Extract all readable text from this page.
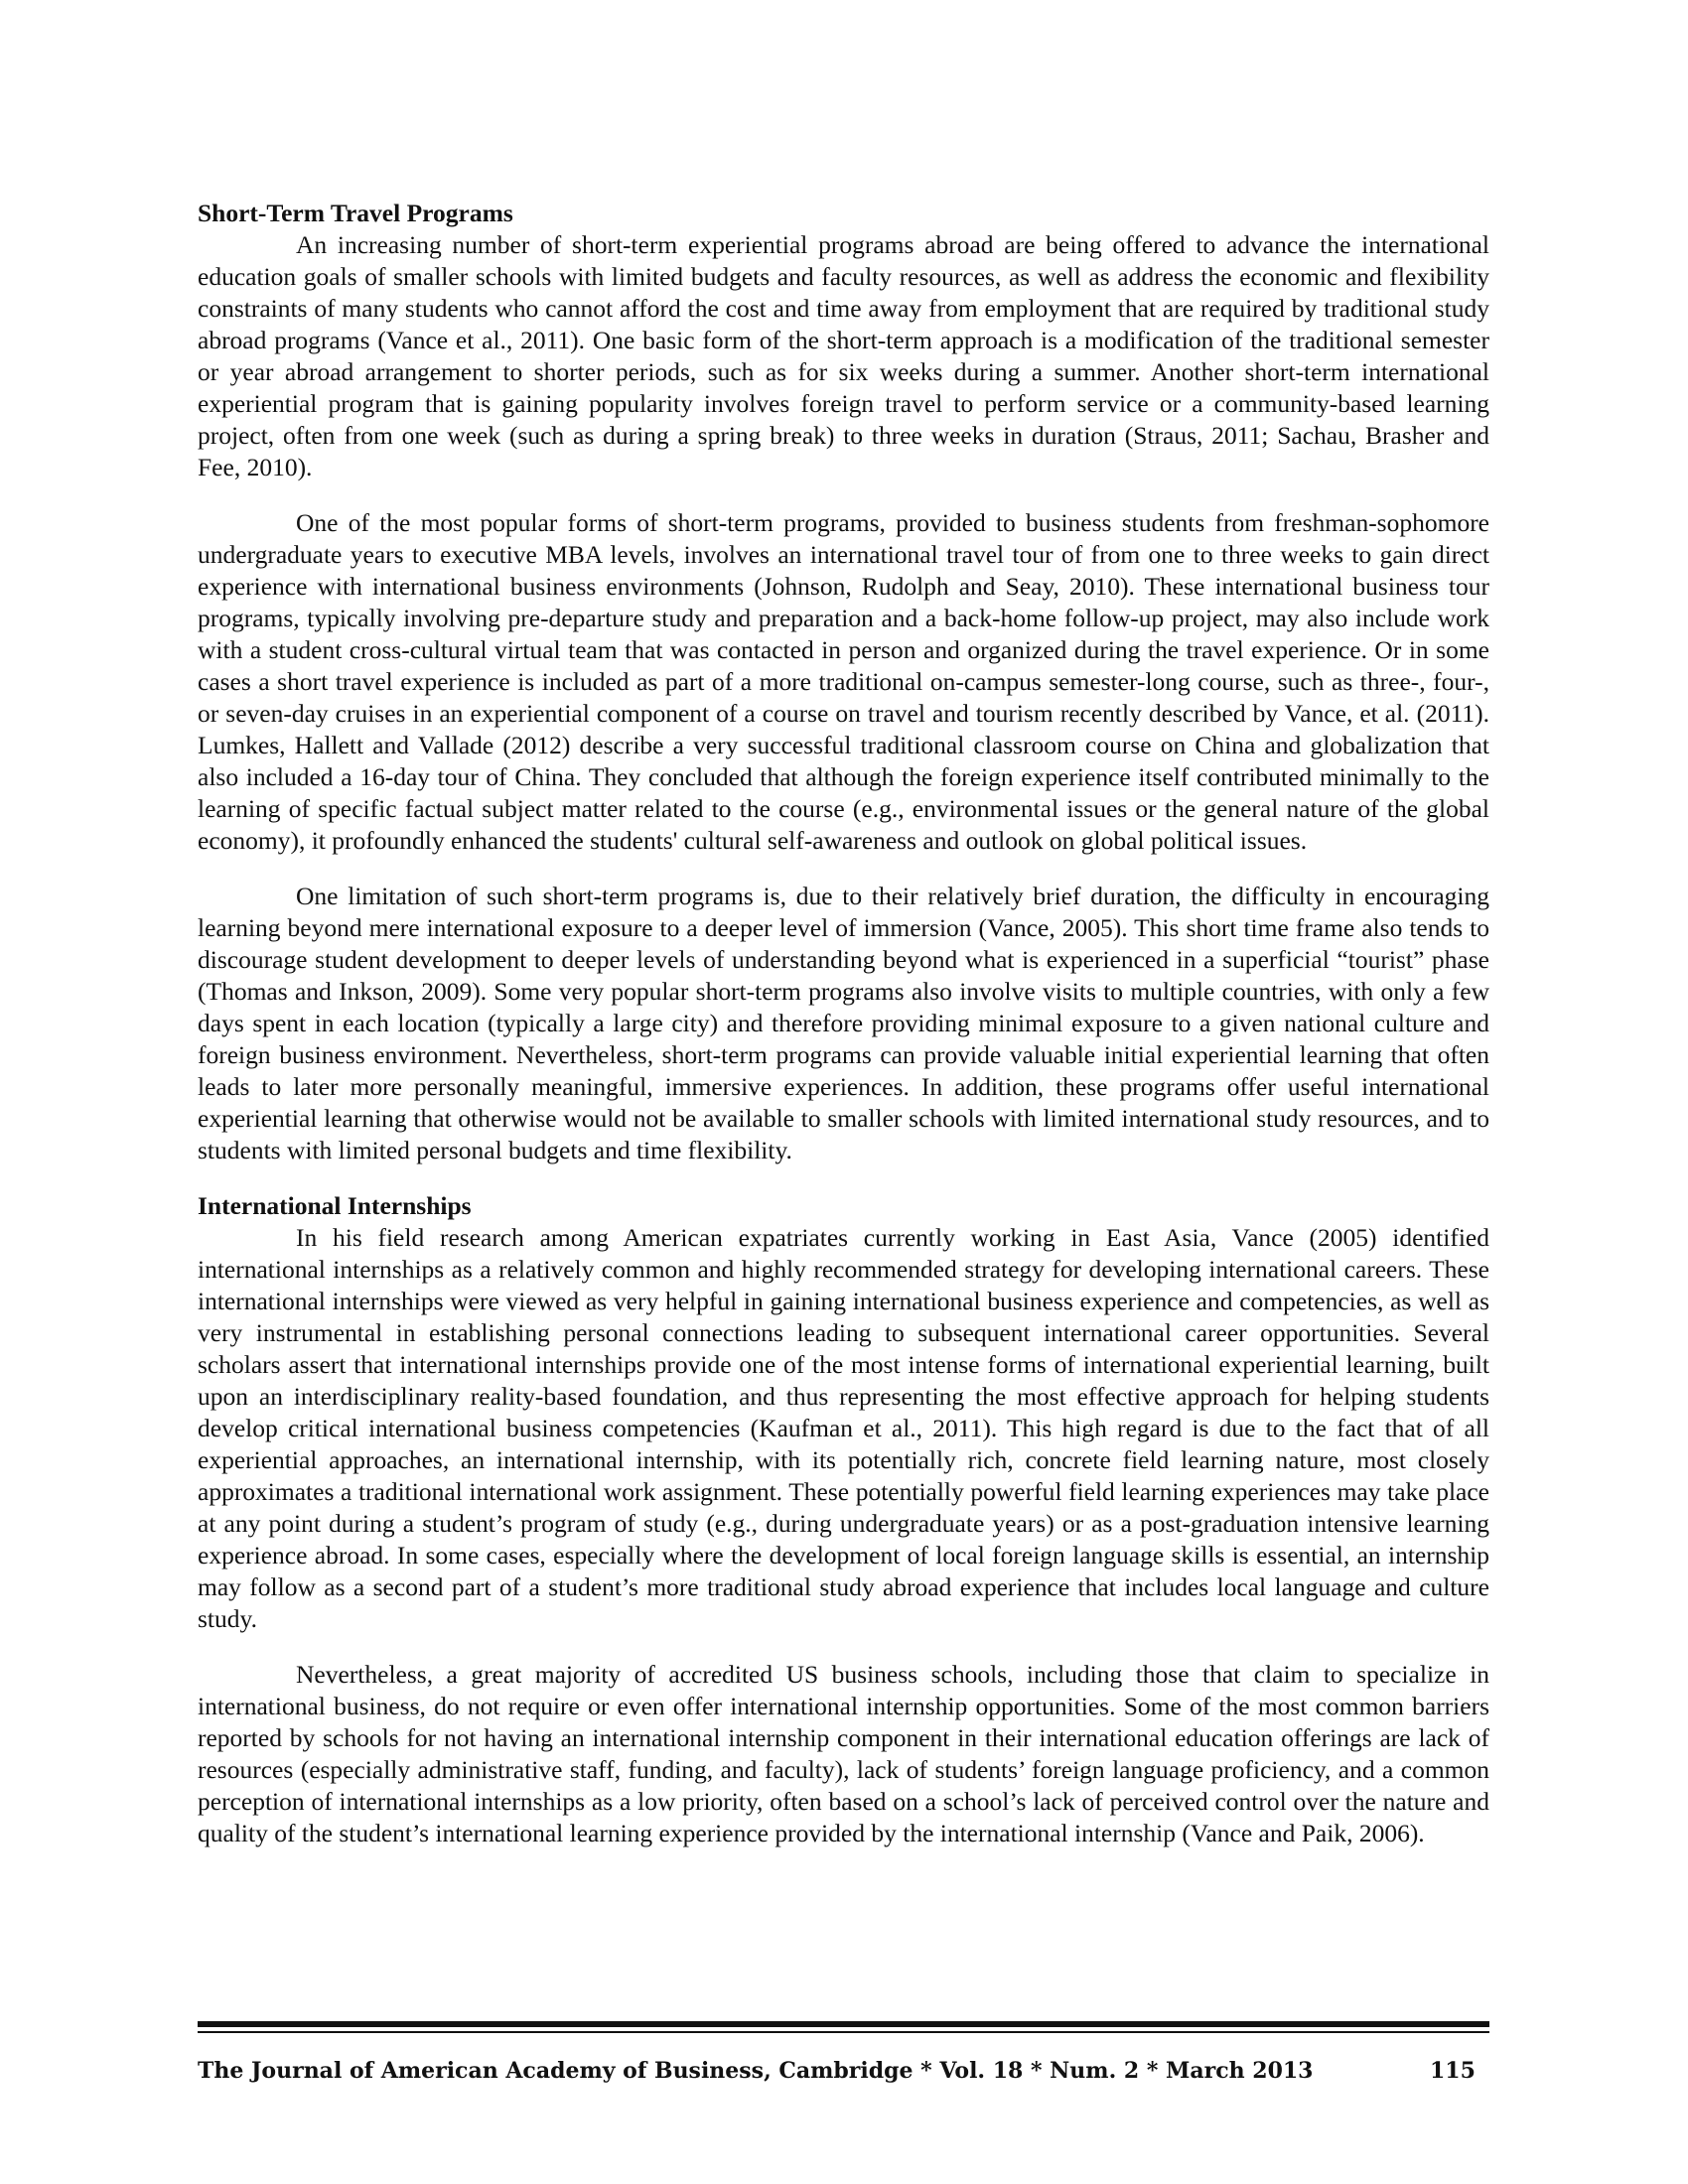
Short-Term Travel Programs

An increasing number of short-term experiential programs abroad are being offered to advance the international education goals of smaller schools with limited budgets and faculty resources, as well as address the economic and flexibility constraints of many students who cannot afford the cost and time away from employment that are required by traditional study abroad programs (Vance et al., 2011). One basic form of the short-term approach is a modification of the traditional semester or year abroad arrangement to shorter periods, such as for six weeks during a summer. Another short-term international experiential program that is gaining popularity involves foreign travel to perform service or a community-based learning project, often from one week (such as during a spring break) to three weeks in duration (Straus, 2011; Sachau, Brasher and Fee, 2010).

One of the most popular forms of short-term programs, provided to business students from freshman-sophomore undergraduate years to executive MBA levels, involves an international travel tour of from one to three weeks to gain direct experience with international business environments (Johnson, Rudolph and Seay, 2010). These international business tour programs, typically involving pre-departure study and preparation and a back-home follow-up project, may also include work with a student cross-cultural virtual team that was contacted in person and organized during the travel experience. Or in some cases a short travel experience is included as part of a more traditional on-campus semester-long course, such as three-, four-, or seven-day cruises in an experiential component of a course on travel and tourism recently described by Vance, et al. (2011). Lumkes, Hallett and Vallade (2012) describe a very successful traditional classroom course on China and globalization that also included a 16-day tour of China. They concluded that although the foreign experience itself contributed minimally to the learning of specific factual subject matter related to the course (e.g., environmental issues or the general nature of the global economy), it profoundly enhanced the students' cultural self-awareness and outlook on global political issues.

One limitation of such short-term programs is, due to their relatively brief duration, the difficulty in encouraging learning beyond mere international exposure to a deeper level of immersion (Vance, 2005). This short time frame also tends to discourage student development to deeper levels of understanding beyond what is experienced in a superficial “tourist” phase (Thomas and Inkson, 2009). Some very popular short-term programs also involve visits to multiple countries, with only a few days spent in each location (typically a large city) and therefore providing minimal exposure to a given national culture and foreign business environment. Nevertheless, short-term programs can provide valuable initial experiential learning that often leads to later more personally meaningful, immersive experiences. In addition, these programs offer useful international experiential learning that otherwise would not be available to smaller schools with limited international study resources, and to students with limited personal budgets and time flexibility.

International Internships

In his field research among American expatriates currently working in East Asia, Vance (2005) identified international internships as a relatively common and highly recommended strategy for developing international careers. These international internships were viewed as very helpful in gaining international business experience and competencies, as well as very instrumental in establishing personal connections leading to subsequent international career opportunities. Several scholars assert that international internships provide one of the most intense forms of international experiential learning, built upon an interdisciplinary reality-based foundation, and thus representing the most effective approach for helping students develop critical international business competencies (Kaufman et al., 2011). This high regard is due to the fact that of all experiential approaches, an international internship, with its potentially rich, concrete field learning nature, most closely approximates a traditional international work assignment. These potentially powerful field learning experiences may take place at any point during a student’s program of study (e.g., during undergraduate years) or as a post-graduation intensive learning experience abroad. In some cases, especially where the development of local foreign language skills is essential, an internship may follow as a second part of a student’s more traditional study abroad experience that includes local language and culture study.

Nevertheless, a great majority of accredited US business schools, including those that claim to specialize in international business, do not require or even offer international internship opportunities. Some of the most common barriers reported by schools for not having an international internship component in their international education offerings are lack of resources (especially administrative staff, funding, and faculty), lack of students’ foreign language proficiency, and a common perception of international internships as a low priority, often based on a school’s lack of perceived control over the nature and quality of the student’s international learning experience provided by the international internship (Vance and Paik, 2006).

The Journal of American Academy of Business, Cambridge * Vol. 18 * Num. 2 * March 2013	115
